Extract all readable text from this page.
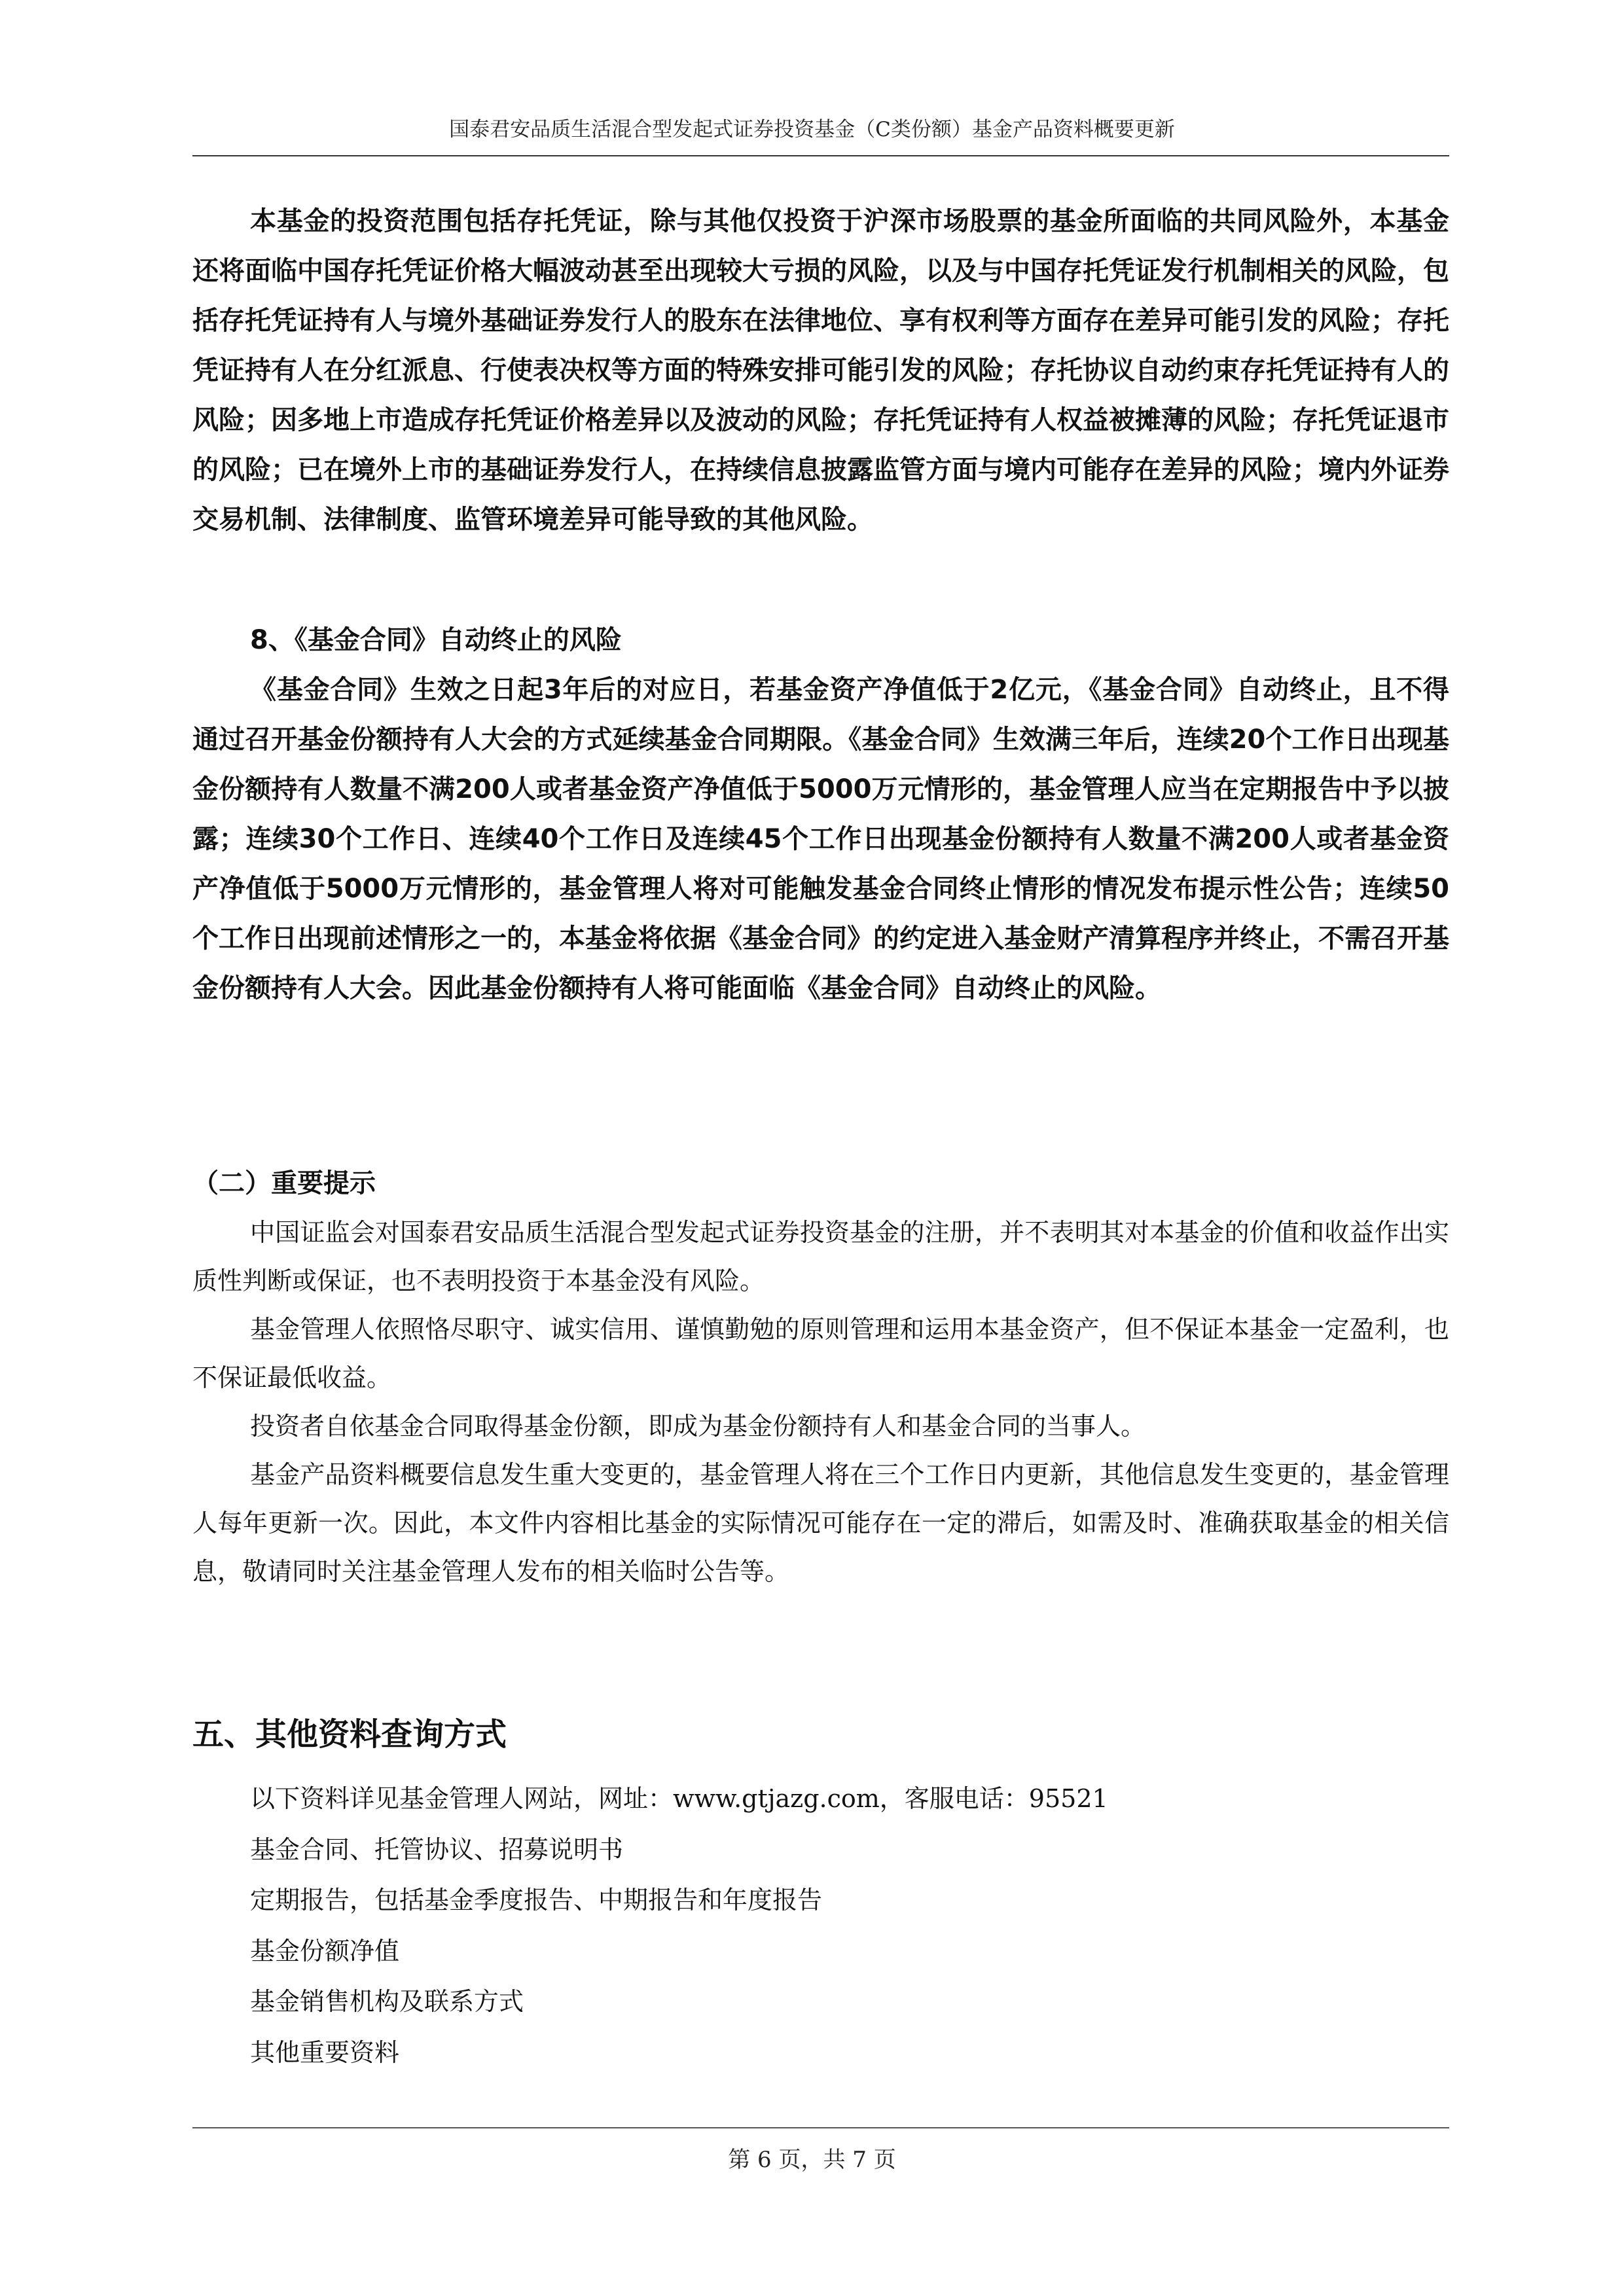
国泰君安品质生活混合型发起式证券投资基金（C类份额）基金产品资料概要更新

本基金的投资范围包括存托凭证，除与其他仅投资于沪深市场股票的基金所面临的共同风险外，本基金还将面临中国存托凭证价格大幅波动甚至出现较大亏损的风险，以及与中国存托凭证发行机制相关的风险，包括存托凭证持有人与境外基础证券发行人的股东在法律地位、享有权利等方面存在差异可能引发的风险；存托凭证持有人在分红派息、行使表决权等方面的特殊安排可能引发的风险；存托协议自动约束存托凭证持有人的风险；因多地上市造成存托凭证价格差异以及波动的风险；存托凭证持有人权益被摊薄的风险；存托凭证退市的风险；已在境外上市的基础证券发行人，在持续信息披露监管方面与境内可能存在差异的风险；境内外证券交易机制、法律制度、监管环境差异可能导致的其他风险。

8、《基金合同》自动终止的风险

《基金合同》生效之日起3年后的对应日，若基金资产净值低于2亿元，《基金合同》自动终止，且不得通过召开基金份额持有人大会的方式延续基金合同期限。《基金合同》生效满三年后，连续20个工作日出现基金份额持有人数量不满200人或者基金资产净值低于5000万元情形的，基金管理人应当在定期报告中予以披露；连续30个工作日、连续40个工作日及连续45个工作日出现基金份额持有人数量不满200人或者基金资产净值低于5000万元情形的，基金管理人将对可能触发基金合同终止情形的情况发布提示性公告；连续50个工作日出现前述情形之一的，本基金将依据《基金合同》的约定进入基金财产清算程序并终止，不需召开基金份额持有人大会。因此基金份额持有人将可能面临《基金合同》自动终止的风险。

（二）重要提示

中国证监会对国泰君安品质生活混合型发起式证券投资基金的注册，并不表明其对本基金的价值和收益作出实质性判断或保证，也不表明投资于本基金没有风险。

基金管理人依照恪尽职守、诚实信用、谨慎勤勉的原则管理和运用本基金资产，但不保证本基金一定盈利，也不保证最低收益。

投资者自依基金合同取得基金份额，即成为基金份额持有人和基金合同的当事人。

基金产品资料概要信息发生重大变更的，基金管理人将在三个工作日内更新，其他信息发生变更的，基金管理人每年更新一次。因此，本文件内容相比基金的实际情况可能存在一定的滞后，如需及时、准确获取基金的相关信息，敬请同时关注基金管理人发布的相关临时公告等。

五、其他资料查询方式
以下资料详见基金管理人网站，网址：www.gtjazg.com，客服电话：95521
基金合同、托管协议、招募说明书
定期报告，包括基金季度报告、中期报告和年度报告
基金份额净值
基金销售机构及联系方式
其他重要资料
第 6 页，共 7 页
